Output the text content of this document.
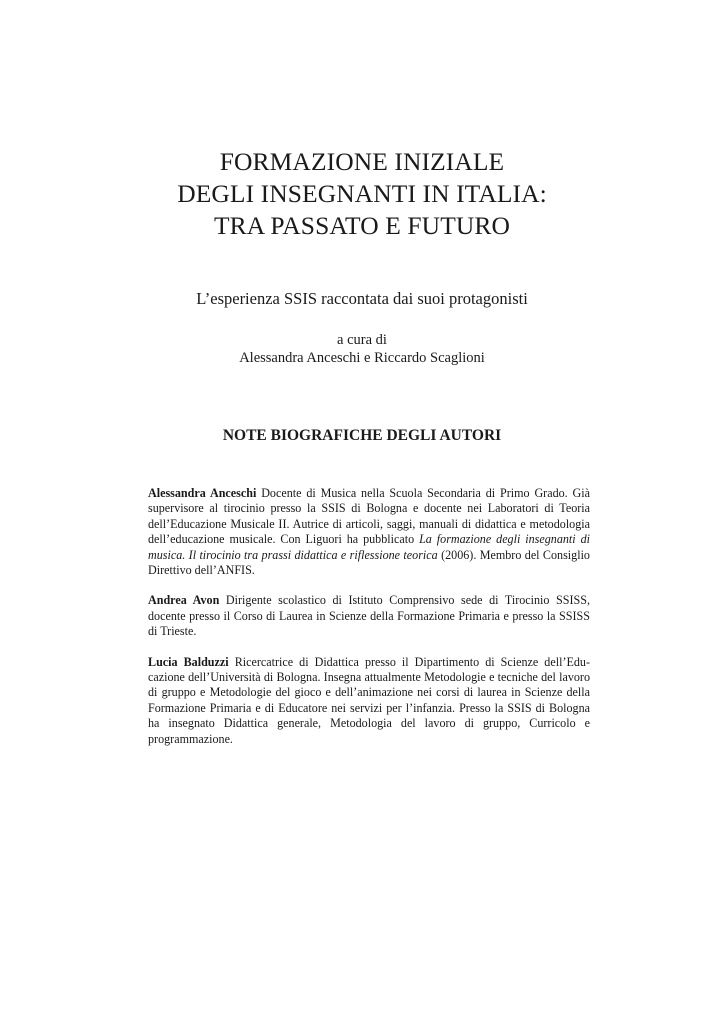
FORMAZIONE INIZIALE
DEGLI INSEGNANTI IN ITALIA:
TRA PASSATO E FUTURO
L’esperienza SSIS raccontata dai suoi protagonisti
a cura di
Alessandra Anceschi e Riccardo Scaglioni
NOTE BIOGRAFICHE DEGLI AUTORI

Alessandra Anceschi Docente di Musica nella Scuola Secondaria di Primo Grado. Già supervisore al tirocinio presso la SSIS di Bologna e docente nei Laboratori di Teoria dell’Educazione Musicale II. Autrice di articoli, saggi, manuali di didattica e metodologia dell’educazione musicale. Con Liguori ha pubblicato La formazione degli insegnanti di musica. Il tirocinio tra prassi didattica e riflessione teorica (2006). Membro del Consiglio Direttivo dell’ANFIS.

Andrea Avon Dirigente scolastico di Istituto Comprensivo sede di Tirocinio SSISS, docente presso il Corso di Laurea in Scienze della Formazione Primaria e presso la SSISS di Trieste.

Lucia Balduzzi Ricercatrice di Didattica presso il Dipartimento di Scienze dell’Educazione dell’Università di Bologna. Insegna attualmente Metodologie e tecniche del lavoro di gruppo e Metodologie del gioco e dell’animazione nei corsi di laurea in Scienze della Formazione Primaria e di Educatore nei servizi per l’infanzia. Presso la SSIS di Bologna ha insegnato Didattica generale, Metodologia del lavoro di gruppo, Curricolo e programmazione.
